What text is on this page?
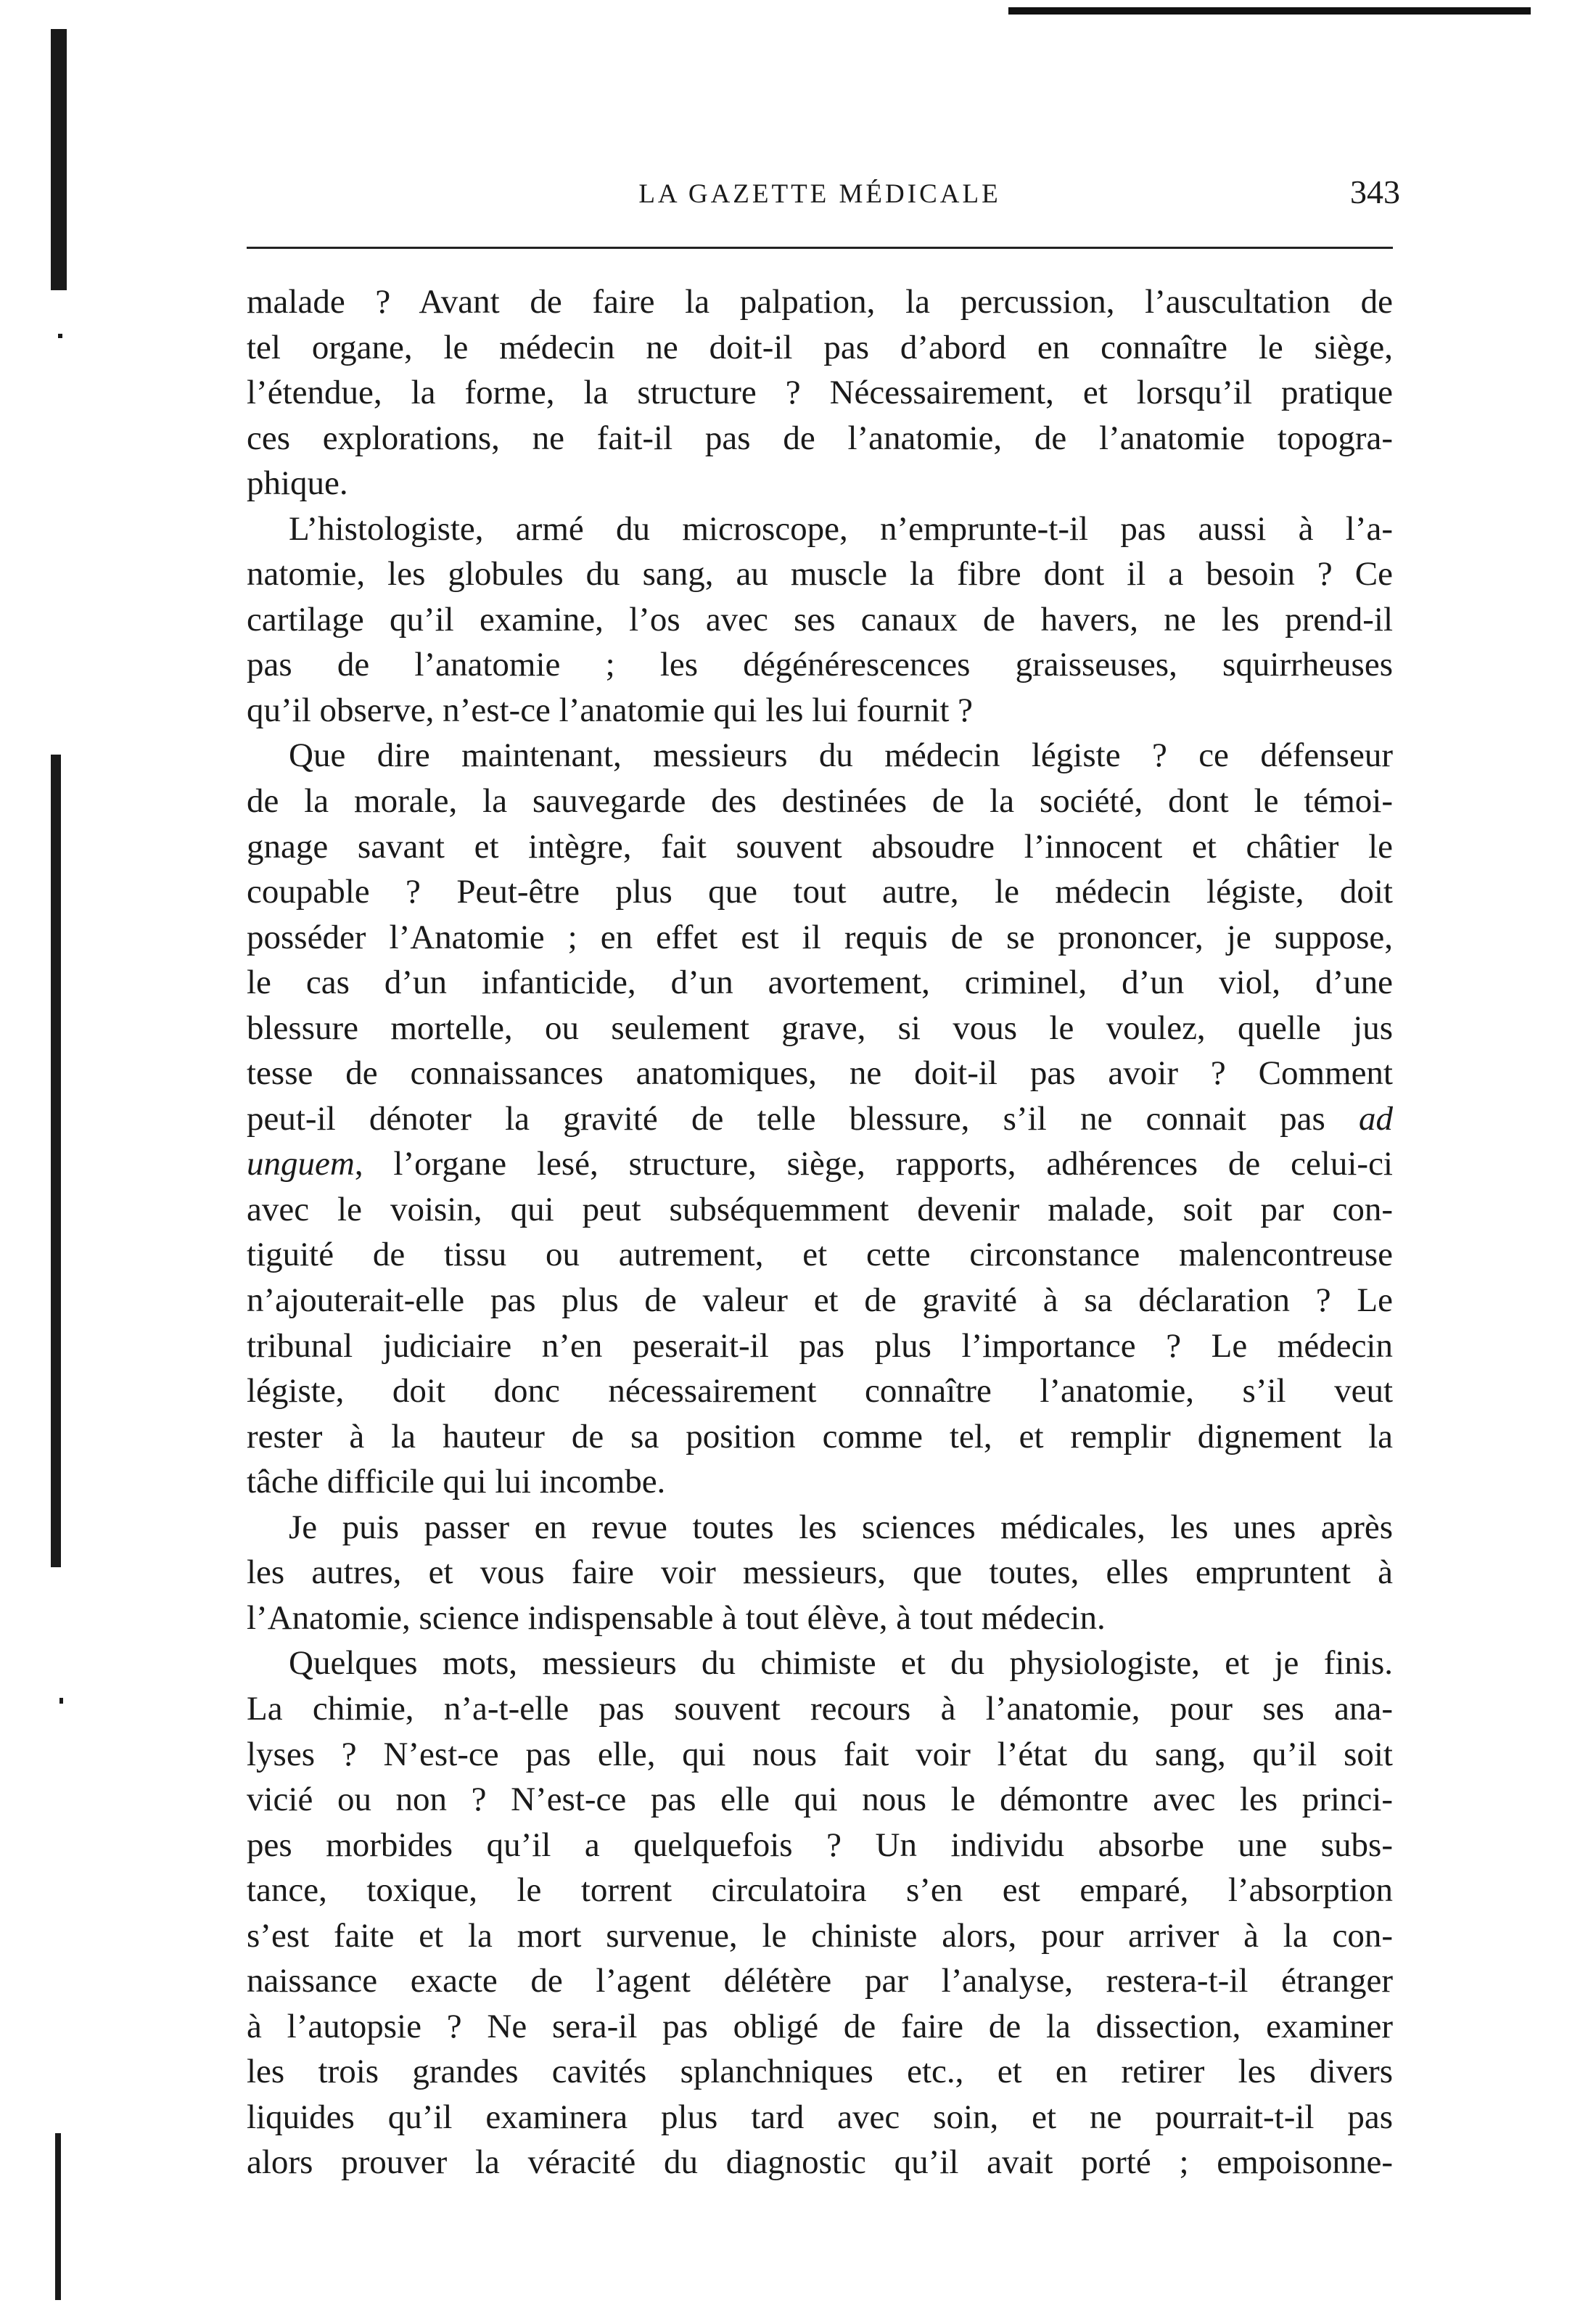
LA GAZETTE MÉDICALE	343
malade ? Avant de faire la palpation, la percussion, l’auscultation de
tel organe, le médecin ne doit-il pas d’abord en connaître le siège,
l’étendue, la forme, la structure ? Nécessairement, et lorsqu’il pratique
ces explorations, ne fait-il pas de l’anatomie, de l’anatomie topogra-
phique.
L’histologiste, armé du microscope, n’emprunte-t-il pas aussi à l’a-
natomie, les globules du sang, au muscle la fibre dont il a besoin ? Ce
cartilage qu’il examine, l’os avec ses canaux de havers, ne les prend-il
pas de l’anatomie ; les dégénérescences graisseuses, squirrheuses
qu’il observe, n’est-ce l’anatomie qui les lui fournit ?
Que dire maintenant, messieurs du médecin légiste ? ce défenseur
de la morale, la sauvegarde des destinées de la société, dont le témoi-
gnage savant et intègre, fait souvent absoudre l’innocent et châtier le
coupable ? Peut-être plus que tout autre, le médecin légiste, doit
posséder l’Anatomie ; en effet est il requis de se prononcer, je suppose,
le cas d’un infanticide, d’un avortement, criminel, d’un viol, d’une
blessure mortelle, ou seulement grave, si vous le voulez, quelle jus
tesse de connaissances anatomiques, ne doit-il pas avoir ? Comment
peut-il dénoter la gravité de telle blessure, s’il ne connait pas ad
unguem, l’organe lesé, structure, siège, rapports, adhérences de celui-ci
avec le voisin, qui peut subséquemment devenir malade, soit par con-
tiguité de tissu ou autrement, et cette circonstance malencontreuse
n’ajouterait-elle pas plus de valeur et de gravité à sa déclaration ? Le
tribunal judiciaire n’en peserait-il pas plus l’importance ? Le médecin
légiste, doit donc nécessairement connaître l’anatomie, s’il veut
rester à la hauteur de sa position comme tel, et remplir dignement la
tâche difficile qui lui incombe.
Je puis passer en revue toutes les sciences médicales, les unes après
les autres, et vous faire voir messieurs, que toutes, elles empruntent à
l’Anatomie, science indispensable à tout élève, à tout médecin.
Quelques mots, messieurs du chimiste et du physiologiste, et je finis.
La chimie, n’a-t-elle pas souvent recours à l’anatomie, pour ses ana-
lyses ? N’est-ce pas elle, qui nous fait voir l’état du sang, qu’il soit
vicié ou non ? N’est-ce pas elle qui nous le démontre avec les princi-
pes morbides qu’il a quelquefois ? Un individu absorbe une subs-
tance, toxique, le torrent circulatoira s’en est emparé, l’absorption
s’est faite et la mort survenue, le chiniste alors, pour arriver à la con-
naissance exacte de l’agent délétère par l’analyse, restera-t-il étranger
à l’autopsie ? Ne sera-il pas obligé de faire de la dissection, examiner
les trois grandes cavités splanchniques etc., et en retirer les divers
liquides qu’il examinera plus tard avec soin, et ne pourrait-t-il pas
alors prouver la véracité du diagnostic qu’il avait porté ; empoisonne-
